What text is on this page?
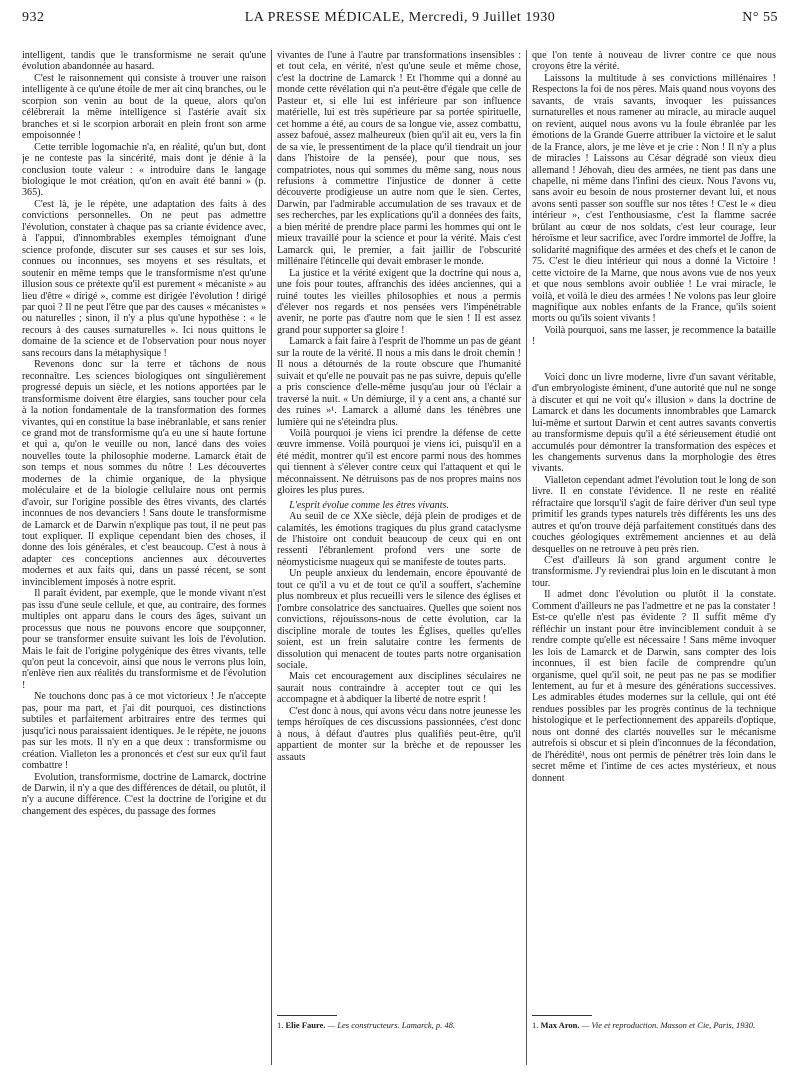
932	LA PRESSE MÉDICALE, Mercredi, 9 Juillet 1930	N° 55

intelligent, tandis que le transformisme ne serait qu'une évolution abandonnée au hasard.

C'est le raisonnement qui consiste à trouver une raison intelligente à ce qu'une étoile de mer ait cinq branches, ou le scorpion son venin au bout de la queue, alors qu'on célébrerait la même intelligence si l'astérie avait six branches et si le scorpion arborait en plein front son arme empoisonnée !

Cette terrible logomachie n'a, en réalité, qu'un but, dont je ne conteste pas la sincérité, mais dont je dénie à la conclusion toute valeur : « introduire dans le langage biologique le mot création, qu'on en avait été banni » (p. 365).

C'est là, je le répète, une adaptation des faits à des convictions personnelles. On ne peut pas admettre l'évolution, constater à chaque pas sa criante évidence avec, à l'appui, d'innombrables exemples témoignant d'une science profonde, discuter sur ses causes et sur ses lois, connues ou inconnues, ses moyens et ses résultats, et soutenir en même temps que le transformisme n'est qu'une illusion sous ce prétexte qu'il est purement « mécaniste » au lieu d'être « dirigé », comme est dirigée l'évolution ! dirigé par quoi ? Il ne peut l'être que par des causes « mécanistes » ou naturelles ; sinon, il n'y a plus qu'une hypothèse : « le recours à des causes surnaturelles ». Ici nous quittons le domaine de la science et de l'observation pour nous noyer sans recours dans la métaphysique !

Revenons donc sur la terre et tâchons de nous reconnaître. Les sciences biologiques ont singulièrement progressé depuis un siècle, et les notions apportées par le transformisme doivent être élargies, sans toucher pour cela à la notion fondamentale de la transformation des formes vivantes, qui en constitue la base inébranlable, et sans renier ce grand mot de transformisme qu'a eu une si haute fortune et qui a, qu'on le veuille ou non, lancé dans des voies nouvelles toute la philosophie moderne. Lamarck était de son temps et nous sommes du nôtre ! Les découvertes modernes de la chimie organique, de la physique moléculaire et de la biologie cellulaire nous ont permis d'avoir, sur l'origine possible des êtres vivants, des clartés inconnues de nos devanciers ! Sans doute le transformisme de Lamarck et de Darwin n'explique pas tout, il ne peut pas tout expliquer. Il explique cependant bien des choses, il donne des lois générales, et c'est beaucoup. C'est à nous à adapter ces conceptions anciennes aux découvertes modernes et aux faits qui, dans un passé récent, se sont invinciblement imposés à notre esprit.

Il paraît évident, par exemple, que le monde vivant n'est pas issu d'une seule cellule, et que, au contraire, des formes multiples ont apparu dans le cours des âges, suivant un processus que nous ne pouvons encore que soupçonner, pour se transformer ensuite suivant les lois de l'évolution. Mais le fait de l'origine polygénique des êtres vivants, telle qu'on peut la concevoir, ainsi que nous le verrons plus loin, n'enlève rien aux réalités du transformisme et de l'évolution !

Ne touchons donc pas à ce mot victorieux ! Je n'accepte pas, pour ma part, et j'ai dit pourquoi, ces distinctions subtiles et parfaitement arbitraires entre des termes qui jusqu'ici nous paraissaient identiques. Je le répète, ne jouons pas sur les mots. Il n'y en a que deux : transformisme ou création. Vialleton les a prononcés et c'est sur eux qu'il faut combattre !

Evolution, transformisme, doctrine de Lamarck, doctrine de Darwin, il n'y a que des différences de détail, ou plutôt, il n'y a aucune différence. C'est la doctrine de l'origine et du changement des espèces, du passage des formes

vivantes de l'une à l'autre par transformations insensibles : et tout cela, en vérité, n'est qu'une seule et même chose, c'est la doctrine de Lamarck ! Et l'homme qui a donné au monde cette révélation qui n'a peut-être d'égale que celle de Pasteur et, si elle lui est inférieure par son influence matérielle, lui est très supérieure par sa portée spirituelle, cet homme a été, au cours de sa longue vie, assez combattu, assez bafoué, assez malheureux (bien qu'il ait eu, vers la fin de sa vie, le pressentiment de la place qu'il tiendrait un jour dans l'histoire de la pensée), pour que nous, ses compatriotes, nous qui sommes du même sang, nous nous refusions à commettre l'injustice de donner à cette découverte prodigieuse un autre nom que le sien. Certes, Darwin, par l'admirable accumulation de ses travaux et de ses recherches, par les explications qu'il a données des faits, a bien mérité de prendre place parmi les hommes qui ont le mieux travaillé pour la science et pour la vérité. Mais c'est Lamarck qui, le premier, a fait jaillir de l'obscurité millénaire l'étincelle qui devait embraser le monde.

La justice et la vérité exigent que la doctrine qui nous a, une fois pour toutes, affranchis des idées anciennes, qui a ruiné toutes les vieilles philosophies et nous a permis d'élever nos regards et nos pensées vers l'impénétrable avenir, ne porte pas d'autre nom que le sien ! Il est assez grand pour supporter sa gloire !

Lamarck a fait faire à l'esprit de l'homme un pas de géant sur la route de la vérité. Il nous a mis dans le droit chemin ! Il nous a détournés de la route obscure que l'humanité suivait et qu'elle ne pouvait pas ne pas suivre, depuis qu'elle a pris conscience d'elle-même jusqu'au jour où l'éclair a traversé la nuit. « Un démiurge, il y a cent ans, a chanté sur des ruines »¹. Lamarck a allumé dans les ténèbres une lumière qui ne s'éteindra plus.

Voilà pourquoi je viens ici prendre la défense de cette œuvre immense. Voilà pourquoi je viens ici, puisqu'il en a été médit, montrer qu'il est encore parmi nous des hommes qui tiennent à s'élever contre ceux qui l'attaquent et qui le méconnaissent. Ne détruisons pas de nos propres mains nos gloires les plus pures.

L'esprit évolue comme les êtres vivants.

Au seuil de ce XXe siècle, déjà plein de prodiges et de calamités, les émotions tragiques du plus grand cataclysme de l'histoire ont conduit beaucoup de ceux qui en ont ressenti l'ébranlement profond vers une sorte de néomysticisme nuageux qui se manifeste de toutes parts.

Un peuple anxieux du lendemain, encore épouvanté de tout ce qu'il a vu et de tout ce qu'il a souffert, s'achemine plus nombreux et plus recueilli vers le silence des églises et l'ombre consolatrice des sanctuaires. Quelles que soient nos convictions, réjouissons-nous de cette évolution, car la discipline morale de toutes les Églises, quelles qu'elles soient, est un frein salutaire contre les ferments de dissolution qui menacent de toutes parts notre organisation sociale.

Mais cet encouragement aux disciplines séculaires ne saurait nous contraindre à accepter tout ce qui les accompagne et à abdiquer la liberté de notre esprit !

C'est donc à nous, qui avons vécu dans notre jeunesse les temps héroïques de ces discussions passionnées, c'est donc à nous, à défaut d'autres plus qualifiés peut-être, qu'il appartient de monter sur la brèche et de repousser les assauts

1. Elie Faure. — Les constructeurs. Lamarck, p. 48.

que l'on tente à nouveau de livrer contre ce que nous croyons être la vérité.

Laissons la multitude à ses convictions millénaires ! Respectons la foi de nos pères. Mais quand nous voyons des savants, de vrais savants, invoquer les puissances surnaturelles et nous ramener au miracle, au miracle auquel on revient, auquel nous avons vu la foule ébranlée par les émotions de la Grande Guerre attribuer la victoire et le salut de la France, alors, je me lève et je crie : Non ! Il n'y a plus de miracles ! Laissons au César dégradé son vieux dieu allemand ! Jéhovah, dieu des armées, ne tient pas dans une chapelle, ni même dans l'infini des cieux. Nous l'avons vu, sans avoir eu besoin de nous prosterner devant lui, et nous avons senti passer son souffle sur nos têtes ! C'est le « dieu intérieur », c'est l'enthousiasme, c'est la flamme sacrée brûlant au cœur de nos soldats, c'est leur courage, leur héroïsme et leur sacrifice, avec l'ordre immortel de Joffre, la solidarité magnifique des armées et des chefs et le canon de 75. C'est le dieu intérieur qui nous a donné la Victoire ! cette victoire de la Marne, que nous avons vue de nos yeux et que nous semblons avoir oubliée ! Le vrai miracle, le voilà, et voilà le dieu des armées ! Ne volons pas leur gloire magnifique aux nobles enfants de la France, qu'ils soient morts ou qu'ils soient vivants !

Voilà pourquoi, sans me lasser, je recommence la bataille !

Voici donc un livre moderne, livre d'un savant véritable, d'un embryologiste éminent, d'une autorité que nul ne songe à discuter et qui ne voit qu'« illusion » dans la doctrine de Lamarck et dans les documents innombrables que Lamarck lui-même et surtout Darwin et cent autres savants convertis au transformisme depuis qu'il a été sérieusement étudié ont accumulés pour démontrer la transformation des espèces et les changements survenus dans la morphologie des êtres vivants.

Vialleton cependant admet l'évolution tout le long de son livre. Il en constate l'évidence. Il ne reste en réalité réfractaire que lorsqu'il s'agit de faire dériver d'un seul type primitif les grands types naturels très différents les uns des autres et qu'on trouve déjà parfaitement constitués dans des couches géologiques extrêmement anciennes et au delà desquelles on ne retrouve à peu près rien.

C'est d'ailleurs là son grand argument contre le transformisme. J'y reviendrai plus loin en le discutant à mon tour.

Il admet donc l'évolution ou plutôt il la constate. Comment d'ailleurs ne pas l'admettre et ne pas la constater ! Est-ce qu'elle n'est pas évidente ? Il suffit même d'y réfléchir un instant pour être invinciblement conduit à se rendre compte qu'elle est nécessaire ! Sans même invoquer les lois de Lamarck et de Darwin, sans compter des lois inconnues, il est bien facile de comprendre qu'un organisme, quel qu'il soit, ne peut pas ne pas se modifier lentement, au fur et à mesure des générations successives. Les admirables études modernes sur la cellule, qui ont été rendues possibles par les progrès continus de la technique histologique et le perfectionnement des appareils d'optique, nous ont donné des clartés nouvelles sur le mécanisme autrefois si obscur et si plein d'inconnues de la fécondation, de l'hérédité¹, nous ont permis de pénétrer très loin dans le secret même et l'intime de ces actes mystérieux, et nous donnent

1. Max Aron. — Vie et reproduction. Masson et Cie, Paris, 1930.
